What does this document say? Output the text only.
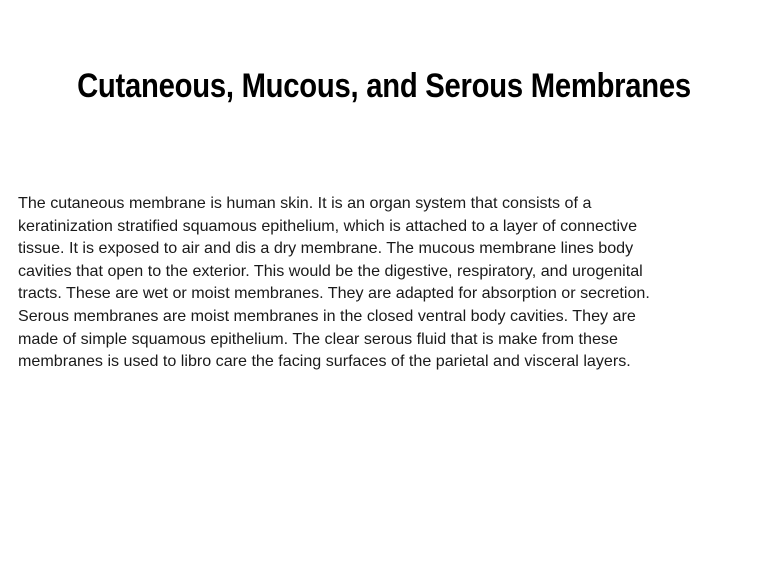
Cutaneous, Mucous, and Serous Membranes

The cutaneous membrane is human skin. It is an organ system that consists of a
keratinization stratified squamous epithelium, which is attached to a layer of connective
tissue. It is exposed to air and dis a dry membrane. The mucous membrane lines body
cavities that open to the exterior. This would be the digestive, respiratory, and urogenital
tracts. These are wet or moist membranes. They are adapted for absorption or secretion.
Serous membranes are moist membranes in the closed ventral body cavities. They are
made of simple squamous epithelium. The clear serous fluid that is make from these
membranes is used to libro care the facing surfaces of the parietal and visceral layers.
